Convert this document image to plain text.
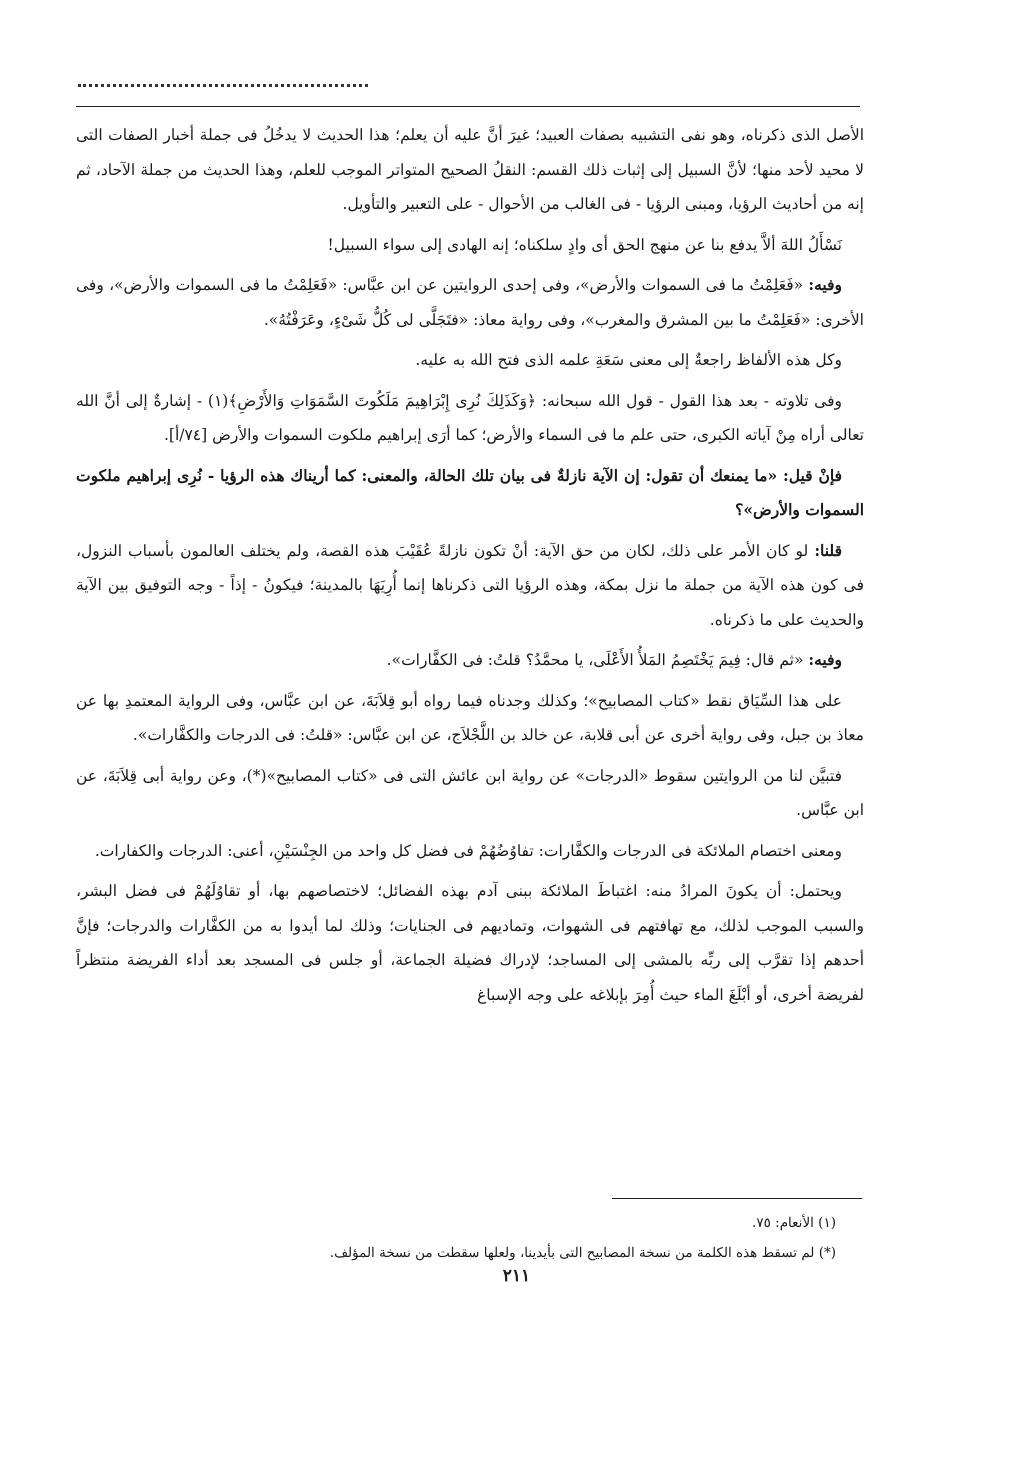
الأصل الذى ذكرناه، وهو نفى التشبيه بصفات العبيد؛ غيرَ أنَّ عليه أن يعلم؛ هذا الحديث لا يدخُلُ فى جملة أخبار الصفات التى لا محيد لأحد منها؛ لأنَّ السبيل إلى إثبات ذلك القسم: النقلُ الصحيح المتواتر الموجب للعلم، وهذا الحديث من جملة الآحاد، ثم إنه من أحاديث الرؤيا، ومبنى الرؤيا - فى الغالب من الأحوال - على التعبير والتأويل.

نَسْأَلُ اللهَ ألاَّ يدفع بنا عن منهج الحق أى وادٍ سلكناه؛ إنه الهادى إلى سواء السبيل!

وفيه: «فَعَلِمْتُ ما فى السموات والأرض»، وفى إحدى الروايتين عن ابن عبَّاس: «فَعَلِمْتُ ما فى السموات والأرض»، وفى الأخرى: «فَعَلِمْتُ ما بين المشرق والمغرب»، وفى رواية معاذ: «فتَجَلَّى لى كُلُّ شَىْءٍ، وعَرَفْتُهُ».

وكل هذه الألفاظ راجعةٌ إلى معنى سَعَةِ علمه الذى فتح الله به عليه.

وفى تلاوته - بعد هذا القول - قول الله سبحانه: ﴿وَكَذَلِكَ نُرِى إِبْرَاهِيمَ مَلَكُوتَ السَّمَوَاتِ وَالأَرْضِ﴾(١) - إشارةٌ إلى أنَّ الله تعالى أراه مِنْ آياته الكبرى، حتى علم ما فى السماء والأرض؛ كما أرَى إبراهيم ملكوت السموات والأرض [٧٤/أ].

فإنْ قيل: «ما يمنعك أن تقول: إن الآية نازلةٌ فى بيان تلك الحالة، والمعنى: كما أريناك هذه الرؤيا - نُرِى إبراهيم ملكوت السموات والأرض»؟

قلنا: لو كان الأمر على ذلك، لكان من حق الآية: أنْ تكون نازلةً عُقَيْبَ هذه القصة، ولم يختلف العالمون بأسباب النزول، فى كون هذه الآية من جملة ما نزل بمكة، وهذه الرؤيا التى ذكرناها إنما أُرِيَهَا بالمدينة؛ فيكونُ - إذاً - وجه التوفيق بين الآية والحديث على ما ذكرناه.

وفيه: «ثم قال: فِيمَ يَخْتَصِمُ المَلأُ الأَعْلَى، يا محمَّدُ؟ قلتُ: فى الكفَّارات».

على هذا السِّيَاق نقط «كتاب المصابيح»؛ وكذلك وجدناه فيما رواه أبو قِلاَبَةَ، عن ابن عبَّاس، وفى الرواية المعتمدِ بها عن معاذ بن جبل، وفى رواية أخرى عن أبى قلابة، عن خالد بن اللَّجْلاَج، عن ابن عبَّاس: «قلتُ: فى الدرجات والكفَّارات».

فتبيَّن لنا من الروايتين سقوط «الدرجات» عن رواية ابن عائش التى فى «كتاب المصابيح»(*)، وعن رواية أبى قِلاَبَةَ، عن ابن عبَّاس.

ومعنى اختصام الملائكة فى الدرجات والكفَّارات: تفاوُضُهُمْ فى فضل كل واحد من الجِنْسَيْنِ، أعنى: الدرجات والكفارات.

ويحتمل: أن يكونَ المرادُ منه: اغتباطَ الملائكة ببنى آدم بهذه الفضائل؛ لاختصاصهم بها، أو تقاوُلَهُمْ فى فضل البشر، والسبب الموجب لذلك، مع تهافتهم فى الشهوات، وتماديهم فى الجنايات؛ وذلك لما أيدوا به من الكفَّارات والدرجات؛ فإنَّ أحدهم إذا تقرَّب إلى ربِّه بالمشى إلى المساجد؛ لإدراك فضيلة الجماعة، أو جلس فى المسجد بعد أداء الفريضة منتظراً لفريضة أخرى، أو أبْلَغَ الماء حيث أُمِرَ بإبلاغه على وجه الإسباغ

(١) الأنعام: ٧٥.
(*) لم تسقط هذه الكلمة من نسخة المصابيح التى بأيدينا، ولعلها سقطت من نسخة المؤلف.
٢١١
